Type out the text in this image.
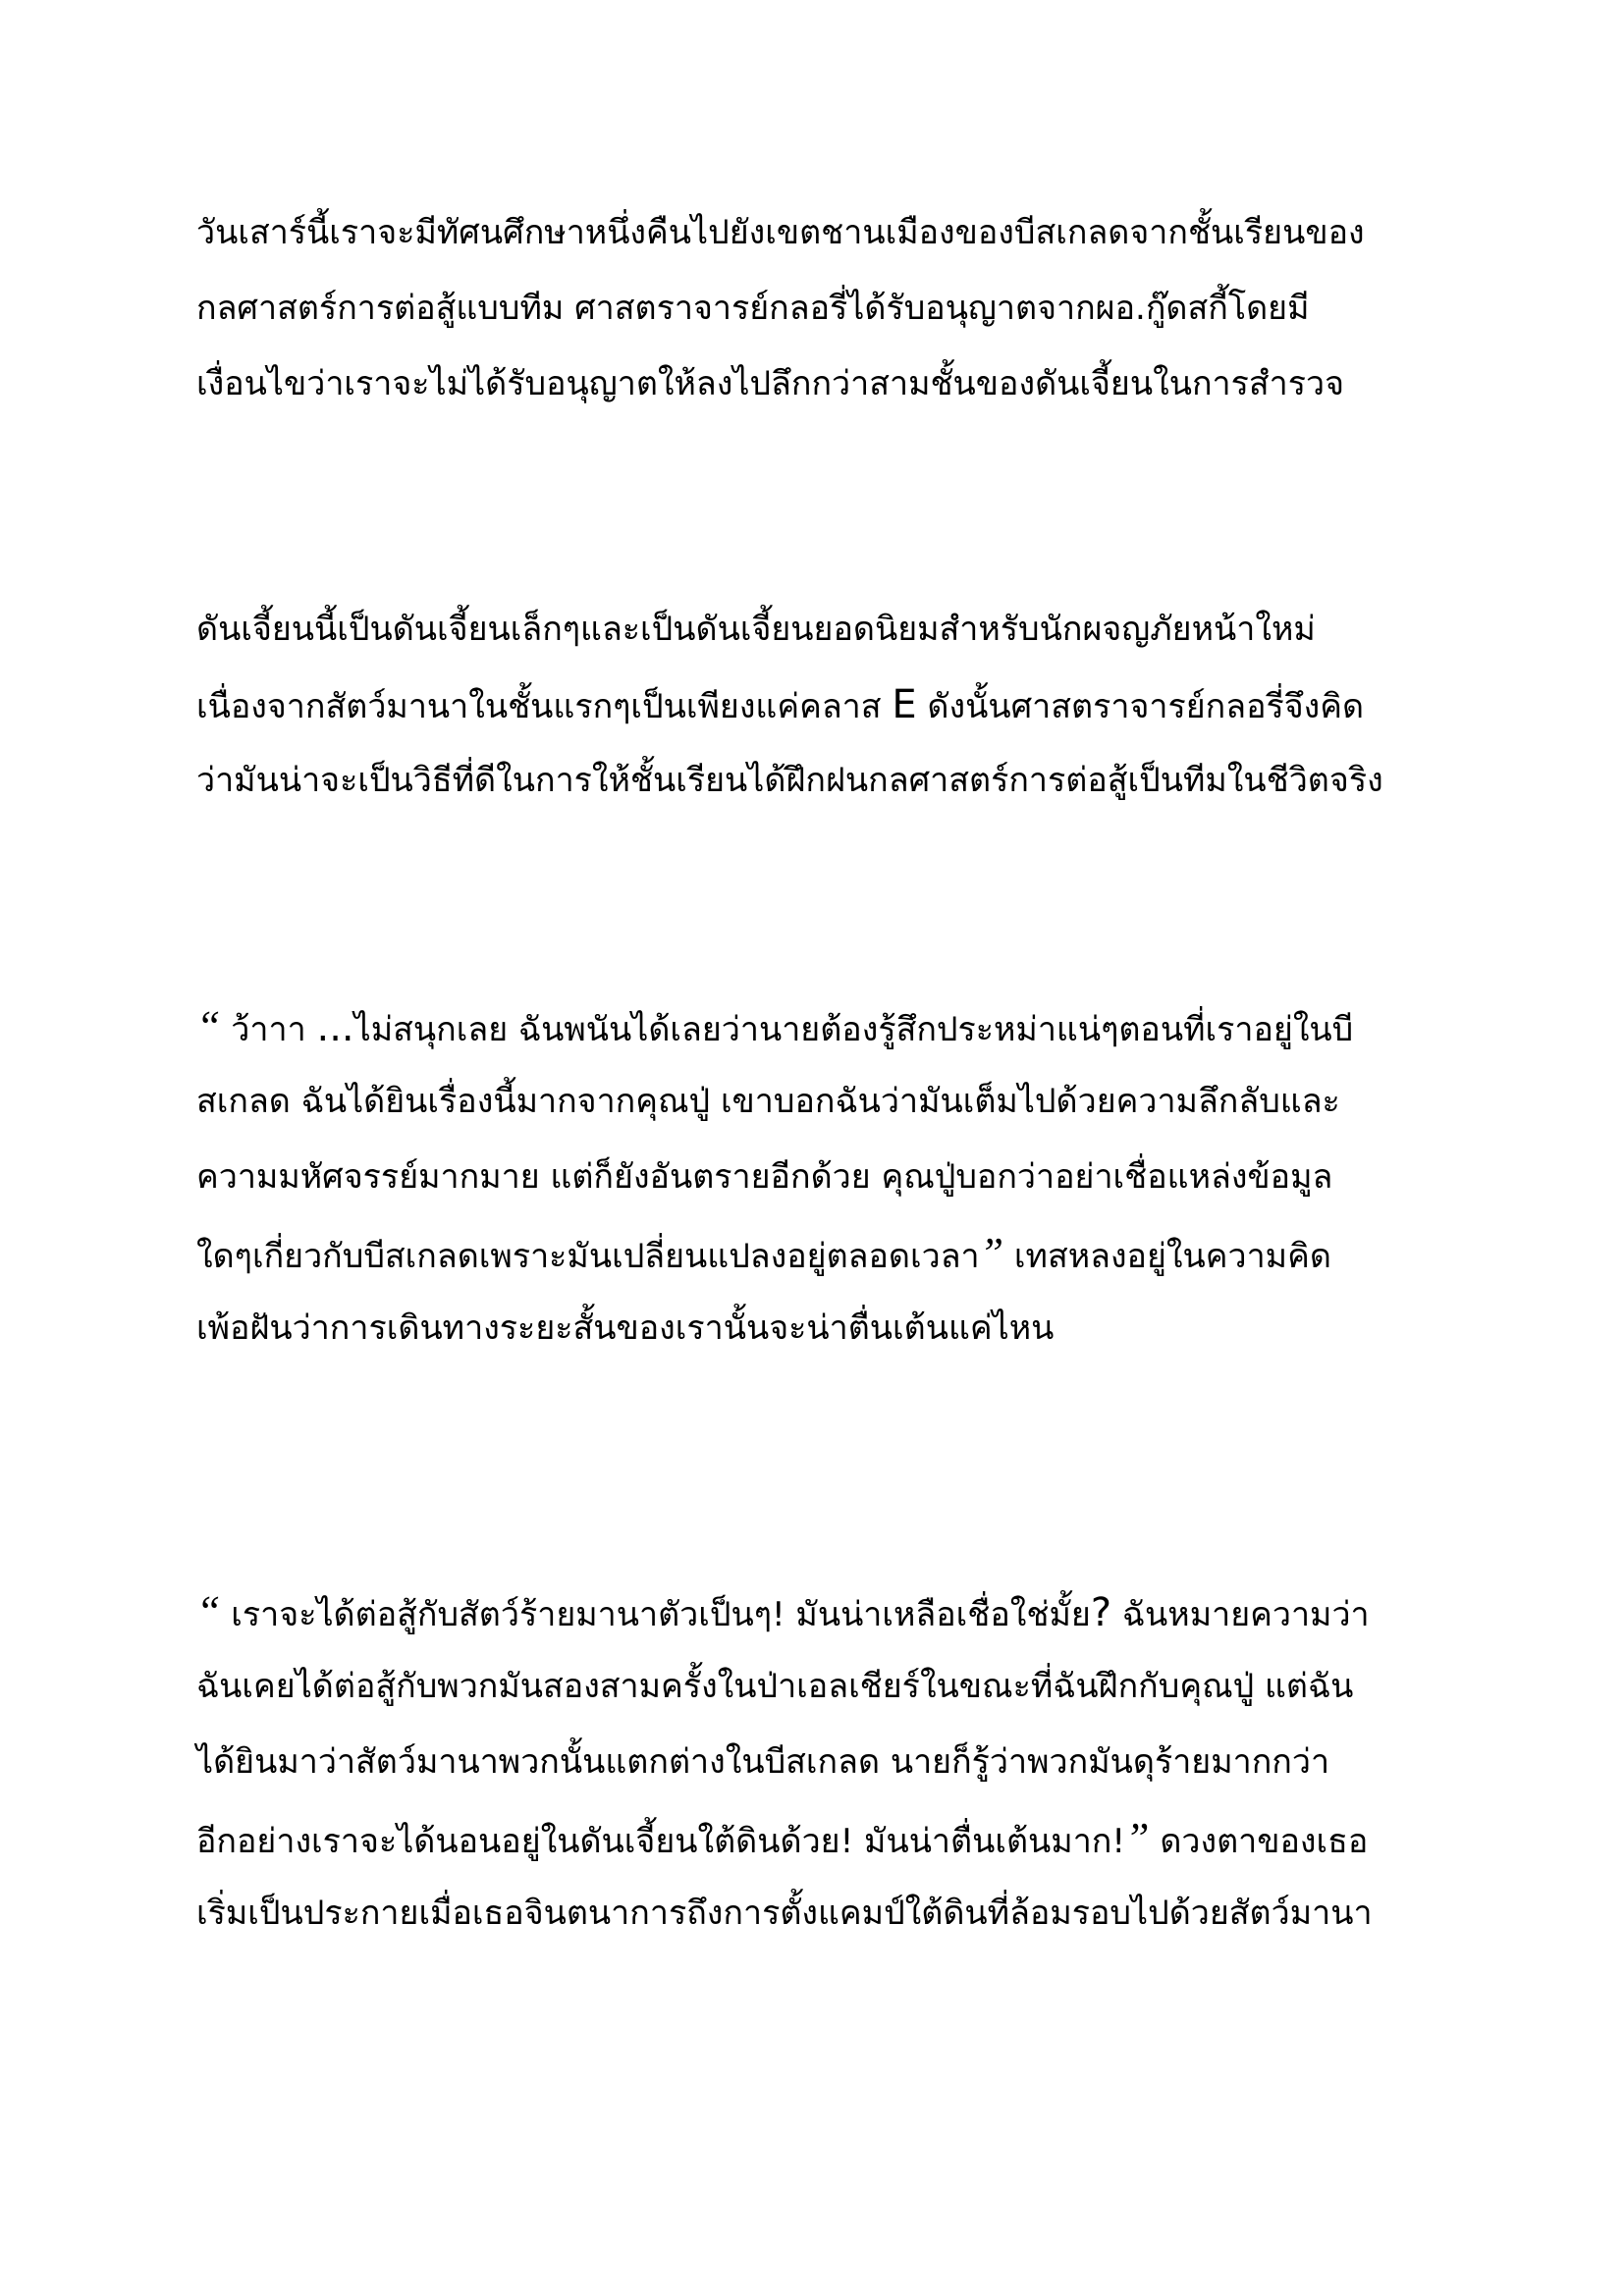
วันเสาร์นี้เราจะมีทัศนศึกษาหนึ่งคืนไปยังเขตชานเมืองของบีสเกลดจากชั้นเรียนของ
กลศาสตร์การต่อสู้แบบทีม ศาสตราจารย์กลอรี่ได้รับอนุญาตจากผอ.กู๊ดสกี้โดยมี
เงื่อนไขว่าเราจะไม่ได้รับอนุญาตให้ลงไปลึกกว่าสามชั้นของดันเจี้ยนในการสำรวจ
ดันเจี้ยนนี้เป็นดันเจี้ยนเล็กๆและเป็นดันเจี้ยนยอดนิยมสำหรับนักผจญภัยหน้าใหม่
เนื่องจากสัตว์มานาในชั้นแรกๆเป็นเพียงแค่คลาส E ดังนั้นศาสตราจารย์กลอรี่จึงคิด
ว่ามันน่าจะเป็นวิธีที่ดีในการให้ชั้นเรียนได้ฝึกฝนกลศาสตร์การต่อสู้เป็นทีมในชีวิตจริง
“ ว้าาา ...ไม่สนุกเลย ฉันพนันได้เลยว่านายต้องรู้สึกประหม่าแน่ๆตอนที่เราอยู่ในบี
สเกลด ฉันได้ยินเรื่องนี้มากจากคุณปู่ เขาบอกฉันว่ามันเต็มไปด้วยความลึกลับและ
ความมหัศจรรย์มากมาย แต่ก็ยังอันตรายอีกด้วย คุณปู่บอกว่าอย่าเชื่อแหล่งข้อมูล
ใดๆเกี่ยวกับบีสเกลดเพราะมันเปลี่ยนแปลงอยู่ตลอดเวลา” เทสหลงอยู่ในความคิด
เพ้อฝันว่าการเดินทางระยะสั้นของเรานั้นจะน่าตื่นเต้นแค่ไหน
“ เราจะได้ต่อสู้กับสัตว์ร้ายมานาตัวเป็นๆ! มันน่าเหลือเชื่อใช่มั้ย? ฉันหมายความว่า
ฉันเคยได้ต่อสู้กับพวกมันสองสามครั้งในป่าเอลเชียร์ในขณะที่ฉันฝึกกับคุณปู่ แต่ฉัน
ได้ยินมาว่าสัตว์มานาพวกนั้นแตกต่างในบีสเกลด นายก็รู้ว่าพวกมันดุร้ายมากกว่า
อีกอย่างเราจะได้นอนอยู่ในดันเจี้ยนใต้ดินด้วย! มันน่าตื่นเต้นมาก!” ดวงตาของเธอ
เริ่มเป็นประกายเมื่อเธอจินตนาการถึงการตั้งแคมป์ใต้ดินที่ล้อมรอบไปด้วยสัตว์มานา
